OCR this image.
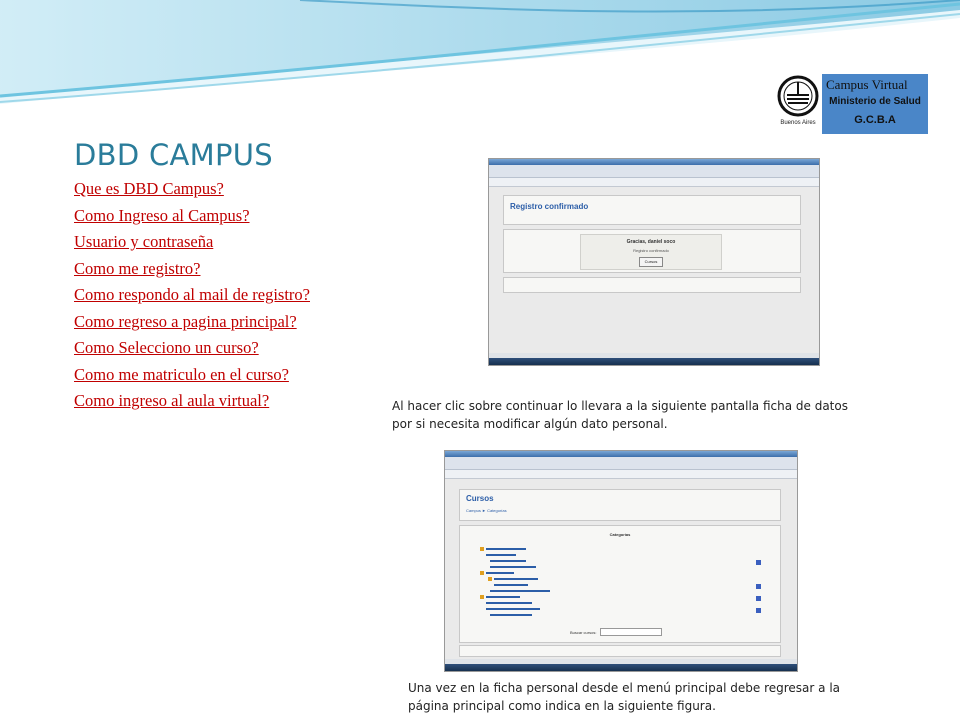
Buenos Aires
Campus Virtual
Ministerio de Salud
G.C.B.A
DBD CAMPUS
Que es DBD Campus?
Como Ingreso al Campus?
Usuario y contraseña
Como me registro?
Como respondo al mail de registro?
Como regreso a pagina principal?
Como Selecciono un curso?
Como me matriculo en el curso?
Como ingreso al aula virtual?
Registro confirmado
Gracias, daniel soco
Registro confirmado
Cursos
Al hacer clic sobre continuar lo llevara a la siguiente pantalla ficha de datos por si necesita modificar algún dato personal.
Cursos
Campus ► Categorías
Categorías
Buscar cursos:
Una vez en la ficha personal desde el menú principal debe regresar a la página principal como indica en la siguiente figura.
